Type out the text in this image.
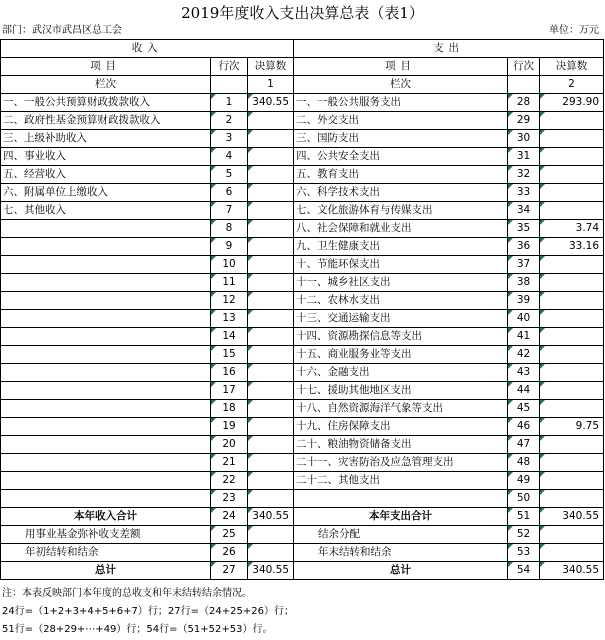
2019年度收入支出决算总表（表1）
部门：武汉市武昌区总工会	单位：万元
收入			支出		
项目	行次	决算数	项目	行次	决算数
栏次		1	栏次		2
一、一般公共预算财政拨款收入	1	340.55	一、一般公共服务支出	28	293.90
二、政府性基金预算财政拨款收入	2		二、外交支出	29	
三、上级补助收入	3		三、国防支出	30	
四、事业收入	4		四、公共安全支出	31	
五、经营收入	5		五、教育支出	32	
六、附属单位上缴收入	6		六、科学技术支出	33	
七、其他收入	7		七、文化旅游体育与传媒支出	34	
	8		八、社会保障和就业支出	35	3.74
	9		九、卫生健康支出	36	33.16
	10		十、节能环保支出	37	
	11		十一、城乡社区支出	38	
	12		十二、农林水支出	39	
	13		十三、交通运输支出	40	
	14		十四、资源勘探信息等支出	41	
	15		十五、商业服务业等支出	42	
	16		十六、金融支出	43	
	17		十七、援助其他地区支出	44	
	18		十八、自然资源海洋气象等支出	45	
	19		十九、住房保障支出	46	9.75
	20		二十、粮油物资储备支出	47	
	21		二十一、灾害防治及应急管理支出	48	
	22		二十二、其他支出	49	
	23			50	
本年收入合计	24	340.55	本年支出合计	51	340.55
用事业基金弥补收支差额	25		结余分配	52	
年初结转和结余	26		年末结转和结余	53	
总计	27	340.55	总计	54	340.55
注：本表反映部门本年度的总收支和年末结转结余情况。
24行=（1+2+3+4+5+6+7）行；27行=（24+25+26）行；
51行=（28+29+⋯+49）行；54行=（51+52+53）行。
